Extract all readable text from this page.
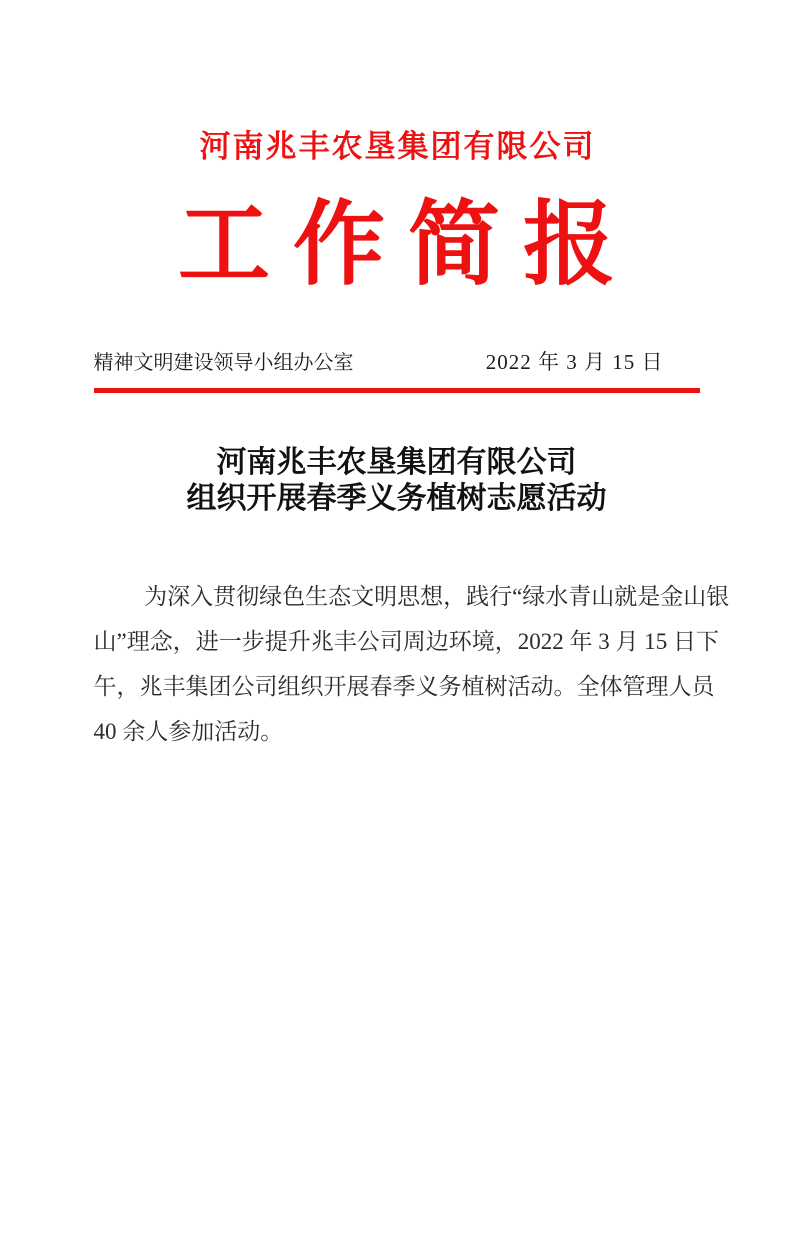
河南兆丰农垦集团有限公司
工作简报
精神文明建设领导小组办公室	2022 年 3 月 15 日
河南兆丰农垦集团有限公司
组织开展春季义务植树志愿活动
为深入贯彻绿色生态文明思想，践行“绿水青山就是金山银
山”理念，进一步提升兆丰公司周边环境，2022 年 3 月 15 日下
午，兆丰集团公司组织开展春季义务植树活动。全体管理人员
40 余人参加活动。
